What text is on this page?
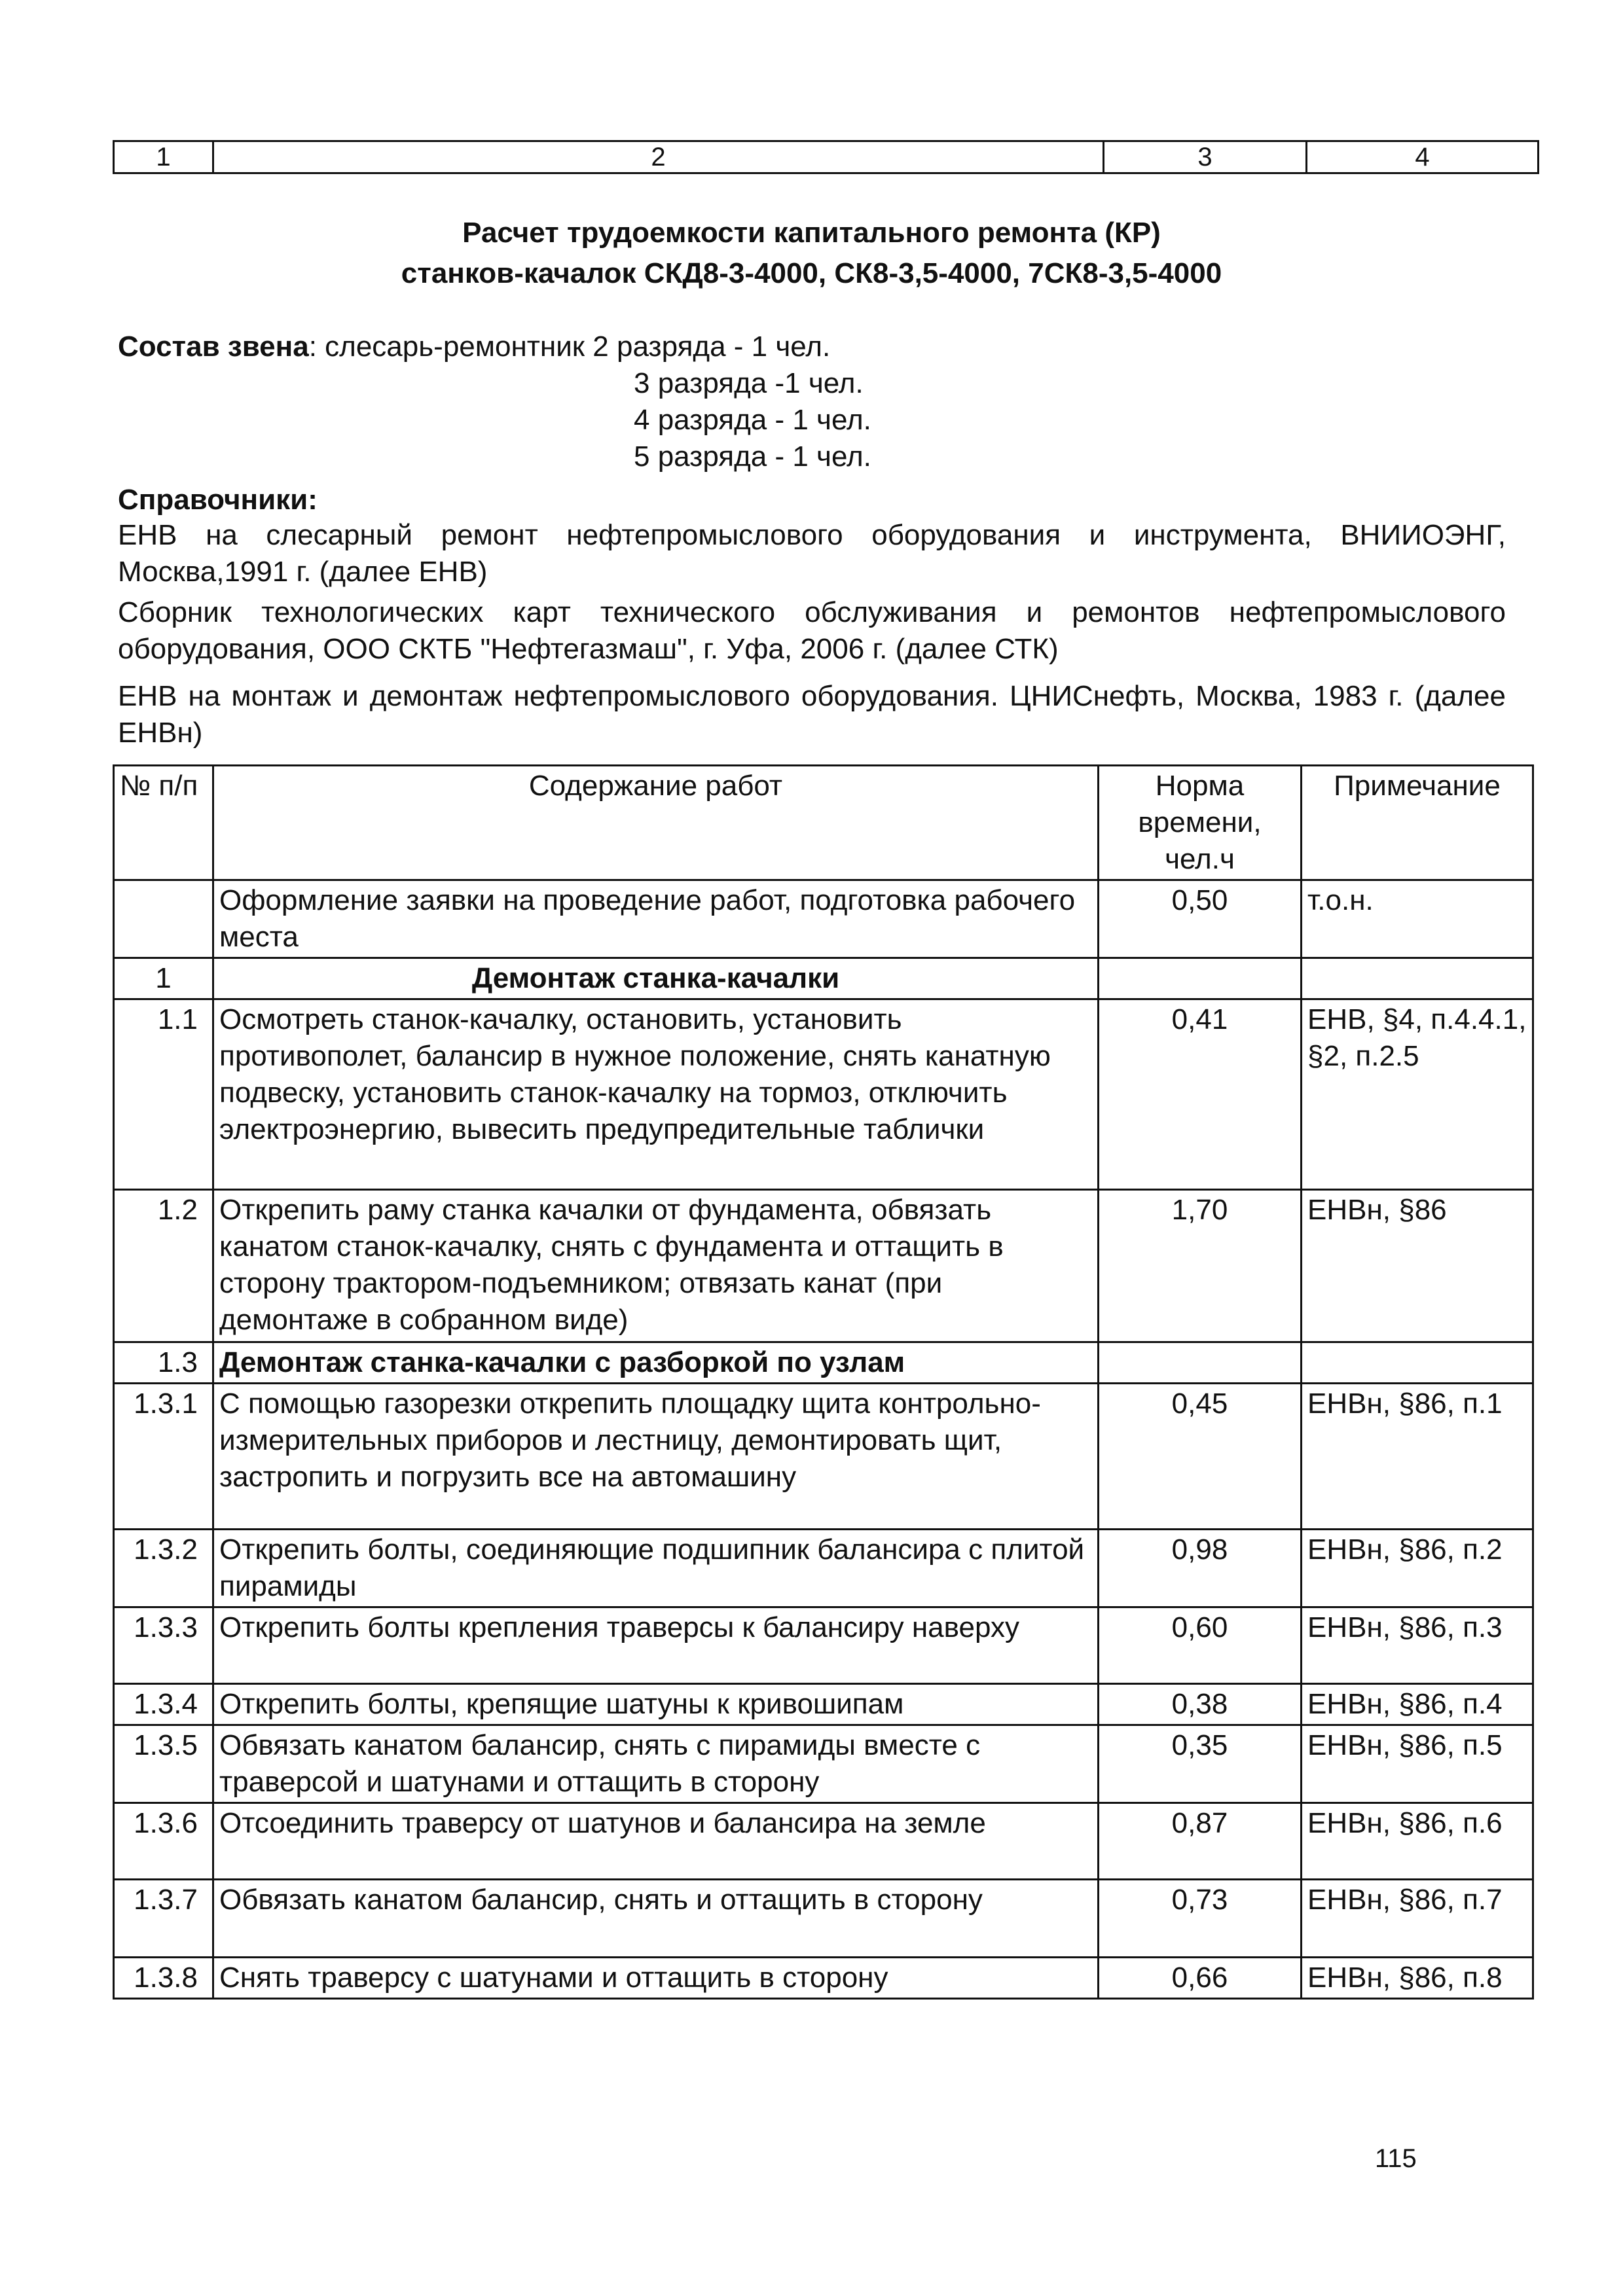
1	2	3	4
Расчет трудоемкости капитального ремонта (КР)
станков-качалок СКД8-3-4000, СК8-3,5-4000, 7СК8-3,5-4000
Состав звена: слесарь-ремонтник 2 разряда - 1 чел.
3 разряда -1 чел.
4 разряда - 1 чел.
5 разряда - 1 чел.
Справочники:
ЕНВ на слесарный ремонт нефтепромыслового оборудования и инструмента, ВНИИОЭНГ, Москва,1991 г. (далее ЕНВ)
Сборник технологических карт технического обслуживания и ремонтов нефтепромыслового оборудования, ООО СКТБ "Нефтегазмаш", г. Уфа, 2006 г. (далее СТК)
ЕНВ на монтаж и демонтаж нефтепромыслового оборудования. ЦНИСнефть, Москва, 1983 г. (далее ЕНВн)
№ п/п	Содержание работ	Норма времени, чел.ч	Примечание
	Оформление заявки на проведение работ, подготовка рабочего места	0,50	т.о.н.
1	Демонтаж станка-качалки		
1.1	Осмотреть станок-качалку, остановить, установить противополет, балансир в нужное положение, снять канатную подвеску, установить станок-качалку на тормоз, отключить электроэнергию, вывесить предупредительные таблички	0,41	ЕНВ, §4, п.4.4.1, §2, п.2.5
1.2	Открепить раму станка качалки от фундамента, обвязать канатом станок-качалку, снять с фундамента и оттащить в сторону трактором-подъемником; отвязать канат (при демонтаже в собранном виде)	1,70	ЕНВн, §86
1.3	Демонтаж станка-качалки с разборкой по узлам		
1.3.1	С помощью газорезки открепить площадку щита контрольно-измерительных приборов и лестницу, демонтировать щит, застропить и погрузить все на автомашину	0,45	ЕНВн, §86, п.1
1.3.2	Открепить болты, соединяющие подшипник балансира с плитой пирамиды	0,98	ЕНВн, §86, п.2
1.3.3	Открепить болты крепления траверсы к балансиру наверху	0,60	ЕНВн, §86, п.3
1.3.4	Открепить болты, крепящие шатуны к кривошипам	0,38	ЕНВн, §86, п.4
1.3.5	Обвязать канатом балансир, снять с пирамиды вместе с траверсой и шатунами и оттащить в сторону	0,35	ЕНВн, §86, п.5
1.3.6	Отсоединить траверсу от шатунов и балансира на земле	0,87	ЕНВн, §86, п.6
1.3.7	Обвязать канатом балансир, снять и оттащить в сторону	0,73	ЕНВн, §86, п.7
1.3.8	Снять траверсу с шатунами и оттащить в сторону	0,66	ЕНВн, §86, п.8
115
